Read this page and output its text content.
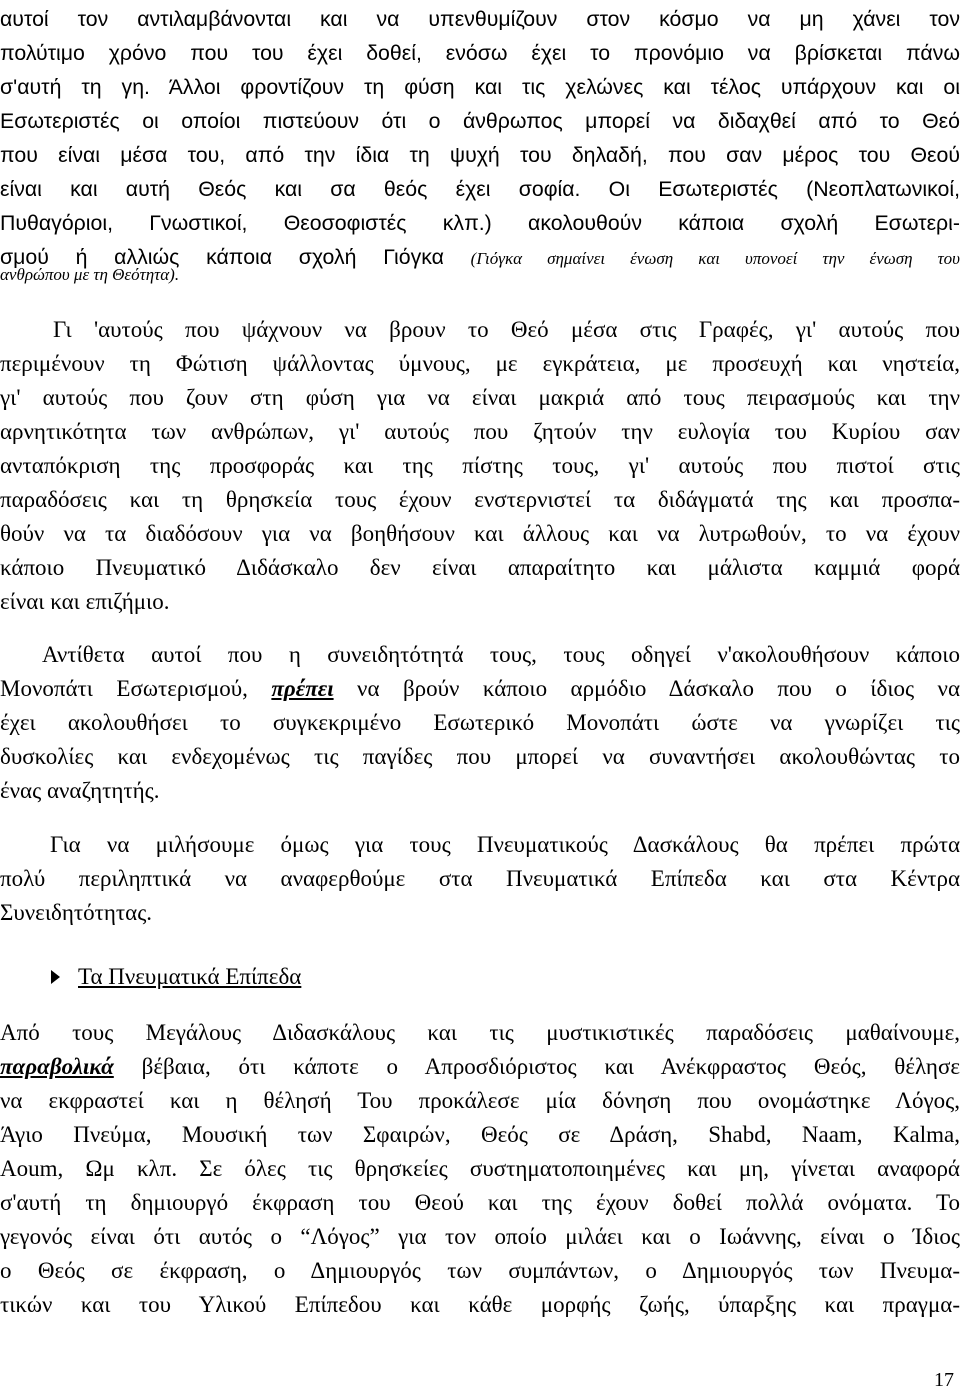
αυτοί τον αντιλαμβάνονται και να υπενθυμίζουν στον κόσμο να μη χάνει τον
πολύτιμο χρόνο που του έχει δοθεί, ενόσω έχει το προνόμιο να βρίσκεται πάνω
σ'αυτή τη γη. Άλλοι φροντίζουν τη φύση και τις χελώνες και τέλος υπάρχουν και οι
Εσωτεριστές οι οποίοι πιστεύουν ότι ο άνθρωπος μπορεί να διδαχθεί από το Θεό
που είναι μέσα του, από την ίδια τη ψυχή του δηλαδή, που σαν μέρος του Θεού
είναι και αυτή Θεός και σα θεός έχει σοφία. Οι Εσωτεριστές (Νεοπλατωνικοί,
Πυθαγόριοι, Γνωστικοί, Θεοσοφιστές κλπ.) ακολουθούν κάποια σχολή Εσωτερι-
σμού ή αλλιώς κάποια σχολή Γιόγκα (Γιόγκα σημαίνει ένωση και υπονοεί την ένωση του
ανθρώπου με τη Θεότητα).
Γι 'αυτούς που ψάχνουν να βρουν το Θεό μέσα στις Γραφές, γι' αυτούς που
περιμένουν τη Φώτιση ψάλλοντας ύμνους, με εγκράτεια, με προσευχή και νηστεία,
γι' αυτούς που ζουν στη φύση για να είναι μακριά από τους πειρασμούς και την
αρνητικότητα των ανθρώπων, γι' αυτούς που ζητούν την ευλογία του Κυρίου σαν
ανταπόκριση της προσφοράς και της πίστης τους, γι' αυτούς που πιστοί στις
παραδόσεις και τη θρησκεία τους έχουν ενστερνιστεί τα διδάγματά της και προσπα-
θούν να τα διαδόσουν για να βοηθήσουν και άλλους και να λυτρωθούν, το να έχουν
κάποιο Πνευματικό Διδάσκαλο δεν είναι απαραίτητο και μάλιστα καμμιά φορά
είναι και επιζήμιο.
Αντίθετα αυτοί που η συνειδητότητά τους, τους οδηγεί ν'ακολουθήσουν κάποιο
Μονοπάτι Εσωτερισμού, πρέπει να βρούν κάποιο αρμόδιο Δάσκαλο που ο ίδιος να
έχει ακολουθήσει το συγκεκριμένο Εσωτερικό Μονοπάτι ώστε να γνωρίζει τις
δυσκολίες και ενδεχομένως τις παγίδες που μπορεί να συναντήσει ακολουθώντας το
ένας αναζητητής.
Για να μιλήσουμε όμως για τους Πνευματικούς Δασκάλους θα πρέπει πρώτα
πολύ περιληπτικά να αναφερθούμε στα Πνευματικά Επίπεδα και στα Κέντρα
Συνειδητότητας.
Τα Πνευματικά Επίπεδα
Από τους Μεγάλους Διδασκάλους και τις μυστικιστικές παραδόσεις μαθαίνουμε,
παραβολικά βέβαια, ότι κάποτε ο Απροσδιόριστος και Ανέκφραστος Θεός, θέλησε
να εκφραστεί και η θέλησή Του προκάλεσε μία δόνηση που ονομάστηκε Λόγος,
Άγιο Πνεύμα, Μουσική των Σφαιρών, Θεός σε Δράση, Shabd, Naam, Kalma,
Aoum, Ωμ κλπ. Σε όλες τις θρησκείες συστηματοποιημένες και μη, γίνεται αναφορά
σ'αυτή τη δημιουργό έκφραση του Θεού και της έχουν δοθεί πολλά ονόματα. Το
γεγονός είναι ότι αυτός ο “Λόγος” για τον οποίο μιλάει και ο Ιωάννης, είναι ο Ίδιος
ο Θεός σε έκφραση, ο Δημιουργός των συμπάντων, ο Δημιουργός των Πνευμα-
τικών και του Υλικού Επίπεδου και κάθε μορφής ζωής, ύπαρξης και πραγμα-
17
